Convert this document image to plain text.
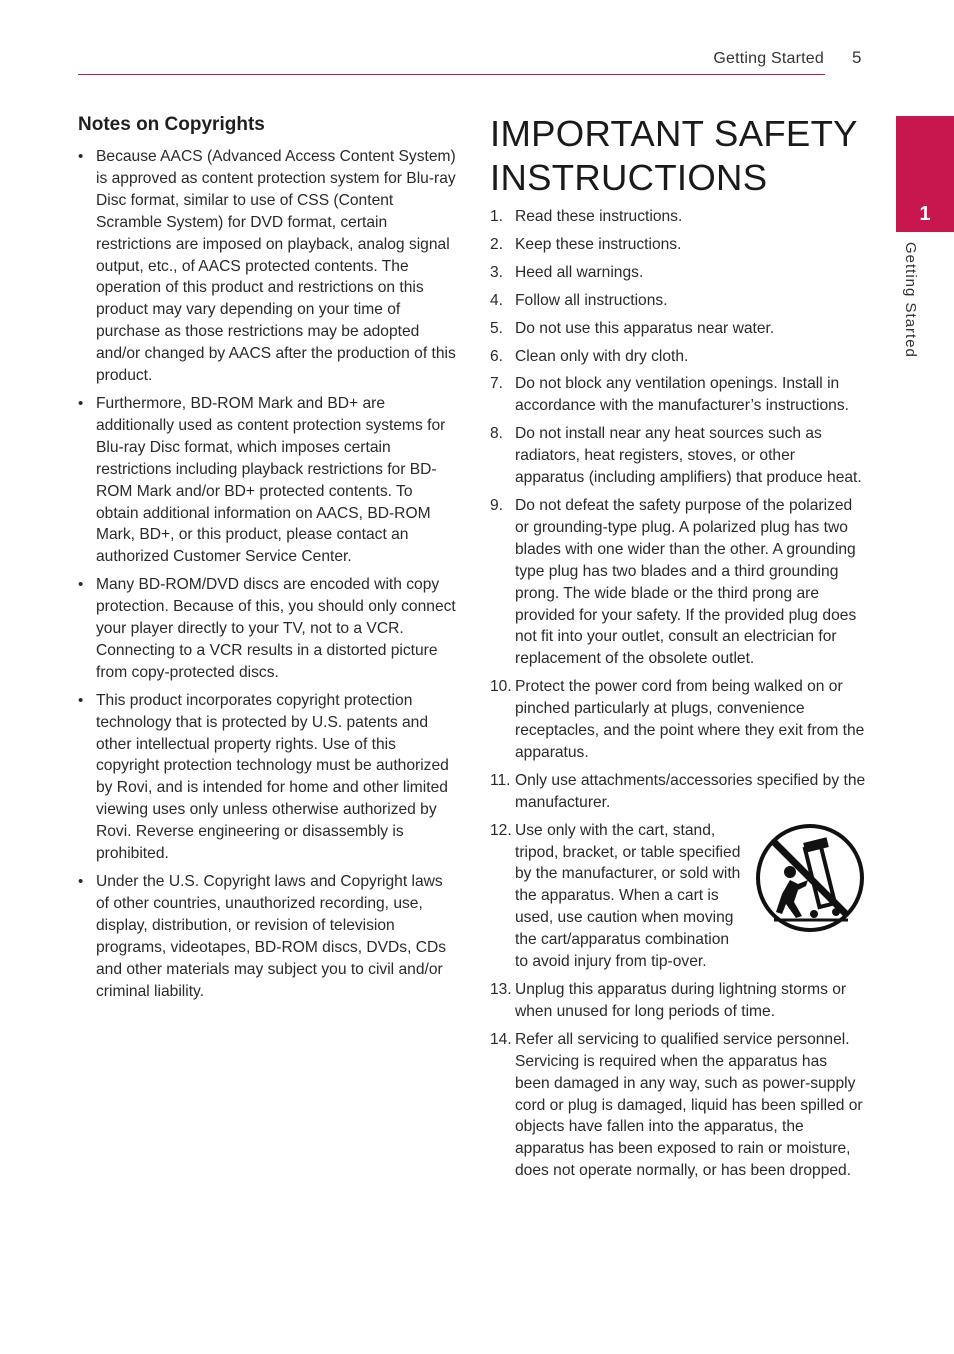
Getting Started 5
1
Getting Started
Notes on Copyrights
• Because AACS (Advanced Access Content System) is approved as content protection system for Blu-ray Disc format, similar to use of CSS (Content Scramble System) for DVD format, certain restrictions are imposed on playback, analog signal output, etc., of AACS protected contents. The operation of this product and restrictions on this product may vary depending on your time of purchase as those restrictions may be adopted and/or changed by AACS after the production of this product.
• Furthermore, BD-ROM Mark and BD+ are additionally used as content protection systems for Blu-ray Disc format, which imposes certain restrictions including playback restrictions for BD-ROM Mark and/or BD+ protected contents. To obtain additional information on AACS, BD-ROM Mark, BD+, or this product, please contact an authorized Customer Service Center.
• Many BD-ROM/DVD discs are encoded with copy protection. Because of this, you should only connect your player directly to your TV, not to a VCR. Connecting to a VCR results in a distorted picture from copy-protected discs.
• This product incorporates copyright protection technology that is protected by U.S. patents and other intellectual property rights. Use of this copyright protection technology must be authorized by Rovi, and is intended for home and other limited viewing uses only unless otherwise authorized by Rovi. Reverse engineering or disassembly is prohibited.
• Under the U.S. Copyright laws and Copyright laws of other countries, unauthorized recording, use, display, distribution, or revision of television programs, videotapes, BD-ROM discs, DVDs, CDs and other materials may subject you to civil and/or criminal liability.
IMPORTANT SAFETY INSTRUCTIONS
1. Read these instructions.
2. Keep these instructions.
3. Heed all warnings.
4. Follow all instructions.
5. Do not use this apparatus near water.
6. Clean only with dry cloth.
7. Do not block any ventilation openings. Install in accordance with the manufacturer’s instructions.
8. Do not install near any heat sources such as radiators, heat registers, stoves, or other apparatus (including amplifiers) that produce heat.
9. Do not defeat the safety purpose of the polarized or grounding-type plug. A polarized plug has two blades with one wider than the other. A grounding type plug has two blades and a third grounding prong. The wide blade or the third prong are provided for your safety. If the provided plug does not fit into your outlet, consult an electrician for replacement of the obsolete outlet.
10. Protect the power cord from being walked on or pinched particularly at plugs, convenience receptacles, and the point where they exit from the apparatus.
11. Only use attachments/accessories specified by the manufacturer.
12. Use only with the cart, stand, tripod, bracket, or table specified by the manufacturer, or sold with the apparatus. When a cart is used, use caution when moving the cart/apparatus combination to avoid injury from tip-over.
13. Unplug this apparatus during lightning storms or when unused for long periods of time.
14. Refer all servicing to qualified service personnel. Servicing is required when the apparatus has been damaged in any way, such as power-supply cord or plug is damaged, liquid has been spilled or objects have fallen into the apparatus, the apparatus has been exposed to rain or moisture, does not operate normally, or has been dropped.
